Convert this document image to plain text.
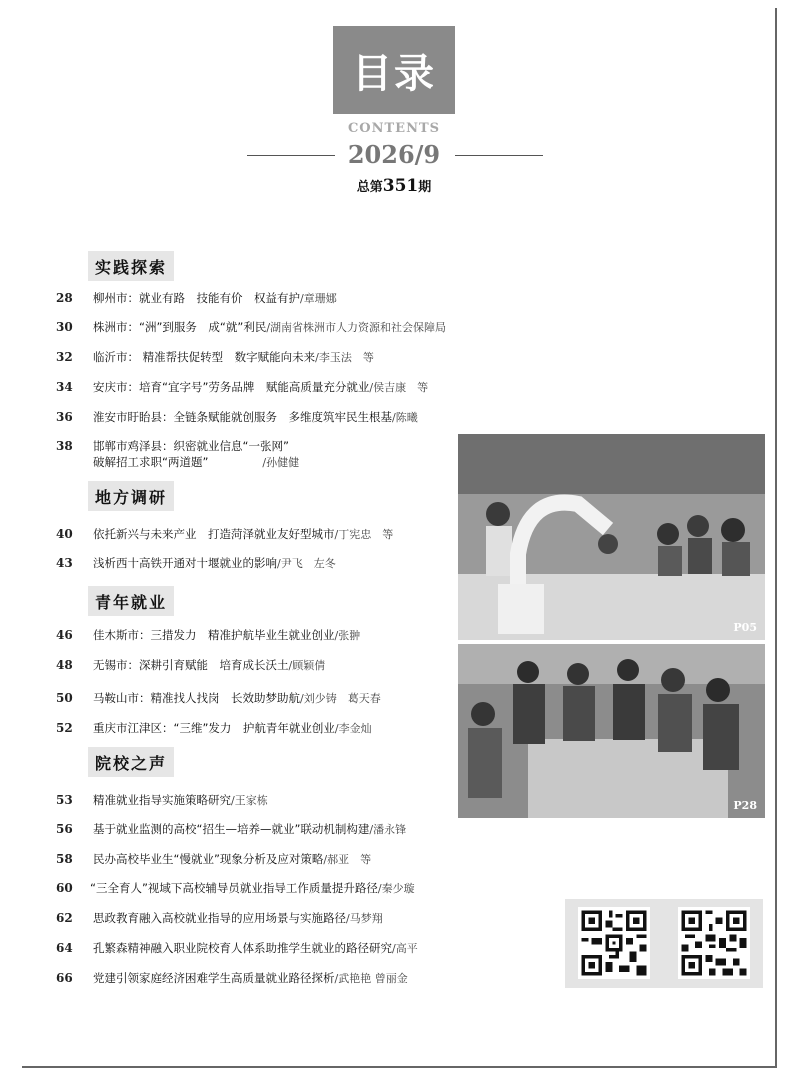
目录
CONTENTS
2026/9
总第351期
实践探索
地方调研
青年就业
院校之声
28	柳州市：就业有路　技能有价　权益有护/章珊娜
30	株洲市：“洲”到服务　成“就”利民/湖南省株洲市人力资源和社会保障局
32	临沂市： 精准帮扶促转型　数字赋能向未来/李玉法　等
34	安庆市：培育“宜字号”劳务品牌　赋能高质量充分就业/侯吉康　等
36	淮安市盱眙县：全链条赋能就创服务　多维度筑牢民生根基/陈曦
38	邯郸市鸡泽县：织密就业信息“一张网”
破解招工求职“两道题”	/孙健健
40	依托新兴与未来产业　打造菏泽就业友好型城市/丁宪忠　等
43	浅析西十高铁开通对十堰就业的影响/尹飞　左冬
46	佳木斯市：三措发力　精准护航毕业生就业创业/张翀
48	无锡市：深耕引育赋能　培育成长沃土/顾颖倩
50	马鞍山市：精准找人找岗　长效助梦助航/刘少铸　葛天春
52	重庆市江津区：“三维”发力　护航青年就业创业/李金灿
53	精准就业指导实施策略研究/王家栋
56	基于就业监测的高校“招生—培养—就业”联动机制构建/潘永锋
58	民办高校毕业生“慢就业”现象分析及应对策略/郝亚　等
60	“三全育人”视域下高校辅导员就业指导工作质量提升路径/秦少璇
62	思政教育融入高校就业指导的应用场景与实施路径/马梦翔
64	孔繁森精神融入职业院校育人体系助推学生就业的路径研究/高平
66	党建引领家庭经济困难学生高质量就业路径探析/武艳艳 曾丽金
P05
P28
